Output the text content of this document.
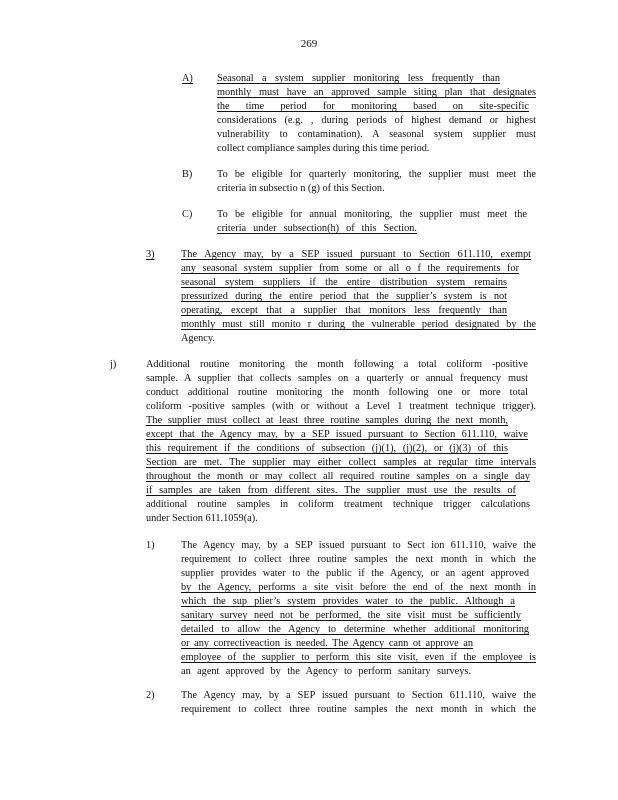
269
A) Seasonal a system supplier monitoring less frequently than
monthly must have an approved sample siting plan that designates
the time period for monitoring based on site-specific
considerations (e.g. , during periods of highest demand or highest
vulnerability to contamination). A seasonal system supplier must
collect compliance samples during this time period.
B) To be eligible for quarterly monitoring, the supplier must meet the
criteria in subsectio n (g) of this Section.
C) To be eligible for annual monitoring, the supplier must meet the
criteria under subsection(h) of this Section.
3)	The Agency may, by a SEP issued pursuant to Section 611.110, exempt
any seasonal system supplier from some or all o f the requirements for
seasonal system suppliers if the entire distribution system remains
pressurized during the entire period that the supplier’s system is not
operating, except that a supplier that monitors less frequently than
monthly must still monito r during the vulnerable period designated by the
Agency.
j)	Additional routine monitoring the month following a total coliform -positive
sample. A supplier that collects samples on a quarterly or annual frequency must
conduct additional routine monitoring the month following one or more total
coliform -positive samples (with or without a Level 1 treatment technique trigger).
The supplier must collect at least three routine samples during the next month,
except that the Agency may, by a SEP issued pursuant to Section 611.110, waive
this requirement if the conditions of subsection (j)(1), (j)(2), or (j)(3) of this
Section are met. The supplier may either collect samples at regular time intervals
throughout the month or may collect all required routine samples on a single day
if samples are taken from different sites. The supplier must use the results of
additional routine samples in coliform treatment technique trigger calculations
under Section 611.1059(a).
1)	The Agency may, by a SEP issued pursuant to Sect ion 611.110, waive the
requirement to collect three routine samples the next month in which the
supplier provides water to the public if the Agency, or an agent approved
by the Agency, performs a site visit before the end of the next month in
which the sup plier’s system provides water to the public. Although a
sanitary survey need not be performed, the site visit must be sufficiently
detailed to allow the Agency to determine whether additional monitoring
or any correctiveaction is needed. The Agency cann ot approve an
employee of the supplier to perform this site visit, even if the employee is
an agent approved by the Agency to perform sanitary surveys.
2)	The Agency may, by a SEP issued pursuant to Section 611.110, waive the
requirement to collect three routine samples the next month in which the
